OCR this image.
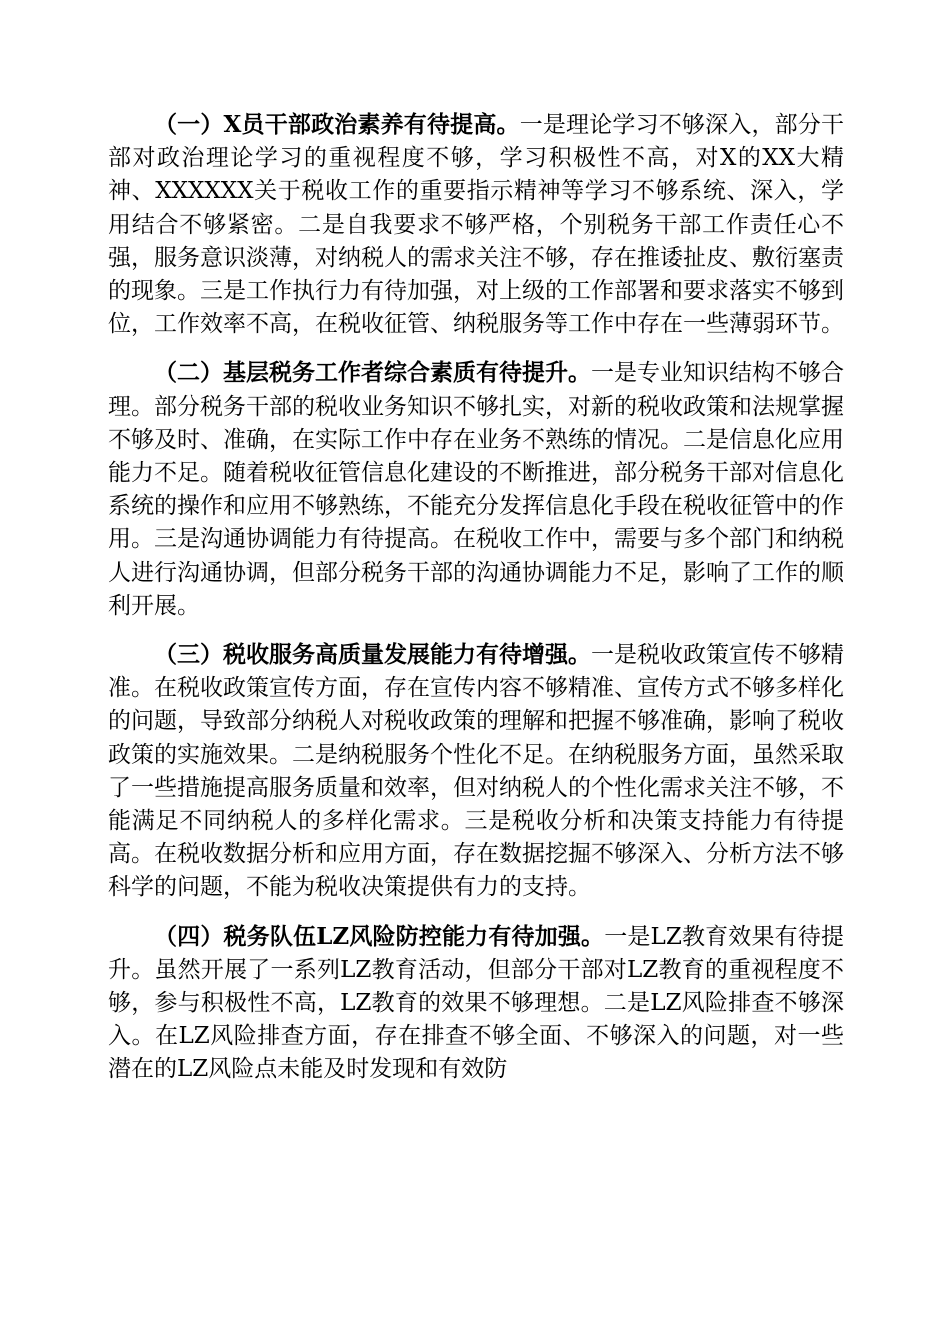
（一）X员干部政治素养有待提高。一是理论学习不够深入，部分干部对政治理论学习的重视程度不够，学习积极性不高，对X的XX大精神、XXXXXX关于税收工作的重要指示精神等学习不够系统、深入，学用结合不够紧密。二是自我要求不够严格，个别税务干部工作责任心不强，服务意识淡薄，对纳税人的需求关注不够，存在推诿扯皮、敷衍塞责的现象。三是工作执行力有待加强，对上级的工作部署和要求落实不够到位，工作效率不高，在税收征管、纳税服务等工作中存在一些薄弱环节。

（二）基层税务工作者综合素质有待提升。一是专业知识结构不够合理。部分税务干部的税收业务知识不够扎实，对新的税收政策和法规掌握不够及时、准确，在实际工作中存在业务不熟练的情况。二是信息化应用能力不足。随着税收征管信息化建设的不断推进，部分税务干部对信息化系统的操作和应用不够熟练，不能充分发挥信息化手段在税收征管中的作用。三是沟通协调能力有待提高。在税收工作中，需要与多个部门和纳税人进行沟通协调，但部分税务干部的沟通协调能力不足，影响了工作的顺利开展。

（三）税收服务高质量发展能力有待增强。一是税收政策宣传不够精准。在税收政策宣传方面，存在宣传内容不够精准、宣传方式不够多样化的问题，导致部分纳税人对税收政策的理解和把握不够准确，影响了税收政策的实施效果。二是纳税服务个性化不足。在纳税服务方面，虽然采取了一些措施提高服务质量和效率，但对纳税人的个性化需求关注不够，不能满足不同纳税人的多样化需求。三是税收分析和决策支持能力有待提高。在税收数据分析和应用方面，存在数据挖掘不够深入、分析方法不够科学的问题，不能为税收决策提供有力的支持。

（四）税务队伍LZ风险防控能力有待加强。一是LZ教育效果有待提升。虽然开展了一系列LZ教育活动，但部分干部对LZ教育的重视程度不够，参与积极性不高，LZ教育的效果不够理想。二是LZ风险排查不够深入。在LZ风险排查方面，存在排查不够全面、不够深入的问题，对一些潜在的LZ风险点未能及时发现和有效防
